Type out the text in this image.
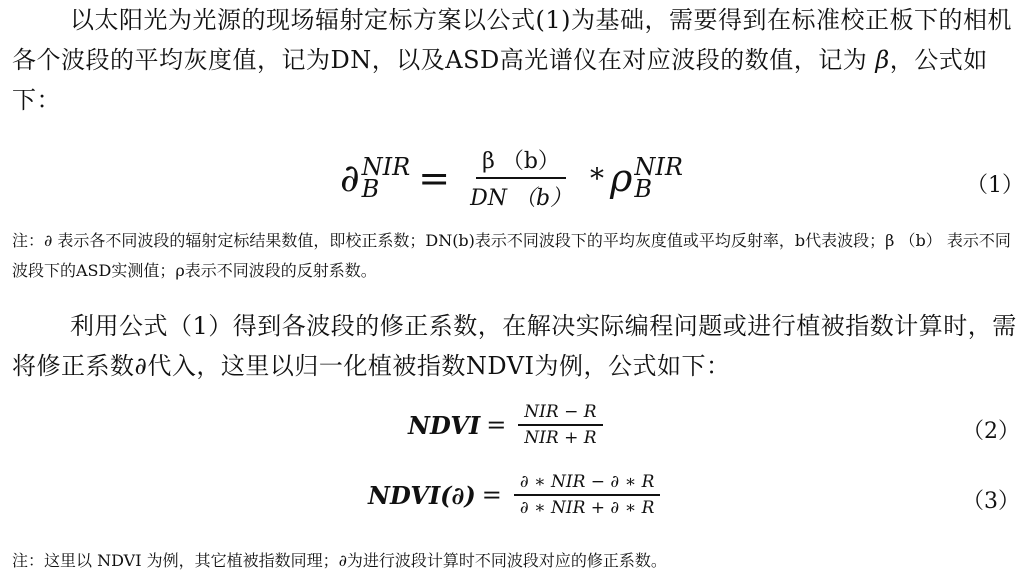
以太阳光为光源的现场辐射定标方案以公式(1)为基础，需要得到在标准校正板下的相机各个波段的平均灰度值，记为DN，以及ASD高光谱仪在对应波段的数值，记为 β，公式如下：
∂ NIR
B	= $\frac{\beta (b)}{DN (b)}$ * ρ NIR
B	（1）
注：∂ 表示各不同波段的辐射定标结果数值，即校正系数；DN(b)表示不同波段下的平均灰度值或平均反射率，b代表波段；β （b） 表示不同波段下的ASD实测值；ρ表示不同波段的反射系数。
利用公式（1）得到各波段的修正系数，在解决实际编程问题或进行植被指数计算时，需将修正系数∂代入，这里以归一化植被指数NDVI为例，公式如下：
NDVI = $\frac{\text{NIR − R}}{\text{NIR + R}}$	（2）
NDVI(∂) = $\frac{\text{∂ ∗ NIR − ∂ ∗ R}}{\text{∂ ∗ NIR + ∂ ∗ R}}$	（3）
注：这里以 NDVI 为例，其它植被指数同理；∂为进行波段计算时不同波段对应的修正系数。
